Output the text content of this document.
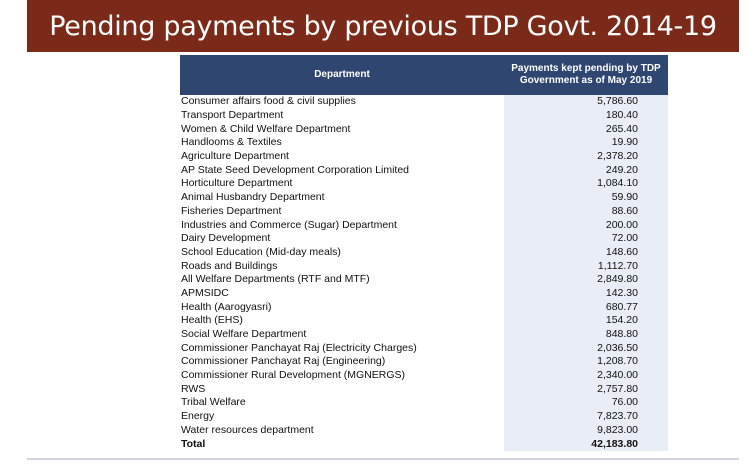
Pending payments by previous TDP Govt. 2014-19
Department	Payments kept pending by TDP Government as of May 2019
Consumer affairs food & civil supplies	5,786.60
Transport Department	180.40
Women & Child Welfare Department	265.40
Handlooms & Textiles	19.90
Agriculture Department	2,378.20
AP State Seed Development Corporation Limited	249.20
Horticulture Department	1,084.10
Animal Husbandry Department	59.90
Fisheries Department	88.60
Industries and Commerce (Sugar) Department	200.00
Dairy Development	72.00
School Education (Mid-day meals)	148.60
Roads and Buildings	1,112.70
All Welfare Departments (RTF and MTF)	2,849.80
APMSIDC	142.30
Health (Aarogyasri)	680.77
Health (EHS)	154.20
Social Welfare Department	848.80
Commissioner Panchayat Raj (Electricity Charges)	2,036.50
Commissioner Panchayat Raj (Engineering)	1,208.70
Commissioner Rural Development (MGNERGS)	2,340.00
RWS	2,757.80
Tribal Welfare	76.00
Energy	7,823.70
Water resources department	9,823.00
Total	42,183.80
